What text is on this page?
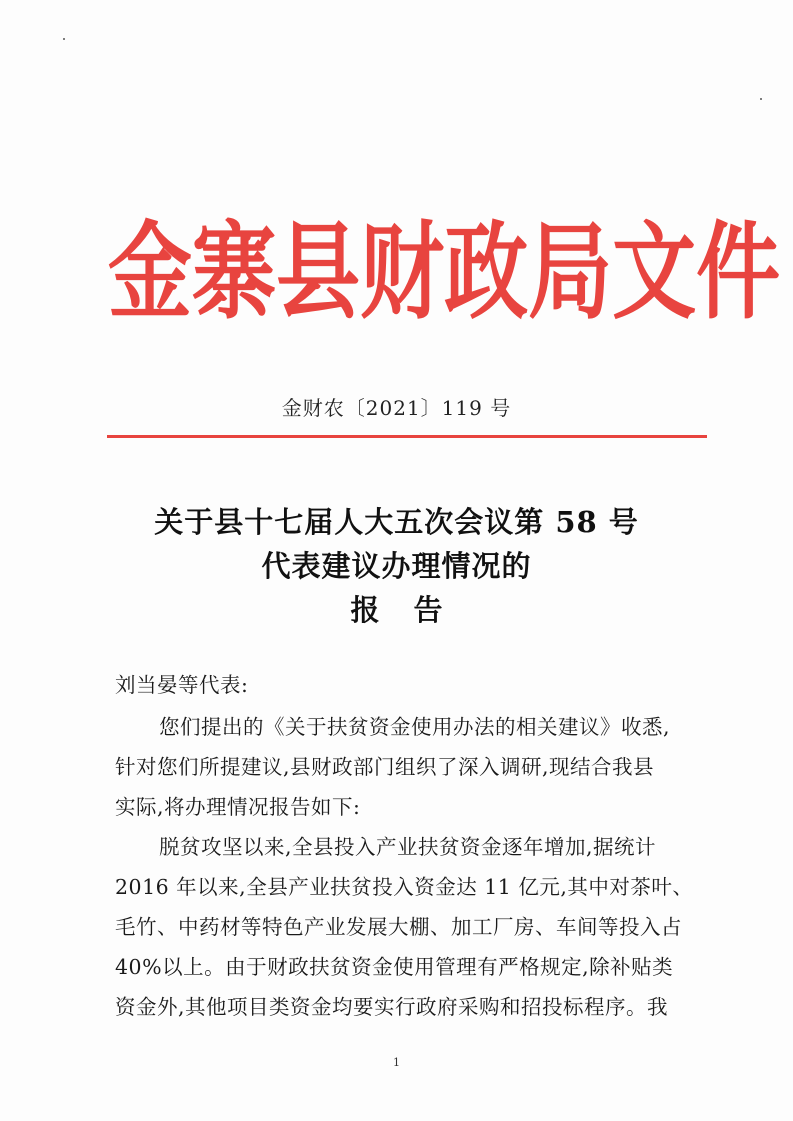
金 寨 县 财 政 局 文 件
金财农〔2021〕119 号
关于县十七届人大五次会议第 58 号
代表建议办理情况的
报告
刘当晏等代表:
您们提出的《关于扶贫资金使用办法的相关建议》收悉,
针对您们所提建议,县财政部门组织了深入调研,现结合我县
实际,将办理情况报告如下:
脱贫攻坚以来,全县投入产业扶贫资金逐年增加,据统计
2016 年以来,全县产业扶贫投入资金达 11 亿元,其中对茶叶、
毛竹、中药材等特色产业发展大棚、加工厂房、车间等投入占
40%以上。由于财政扶贫资金使用管理有严格规定,除补贴类
资金外,其他项目类资金均要实行政府采购和招投标程序。我
1
